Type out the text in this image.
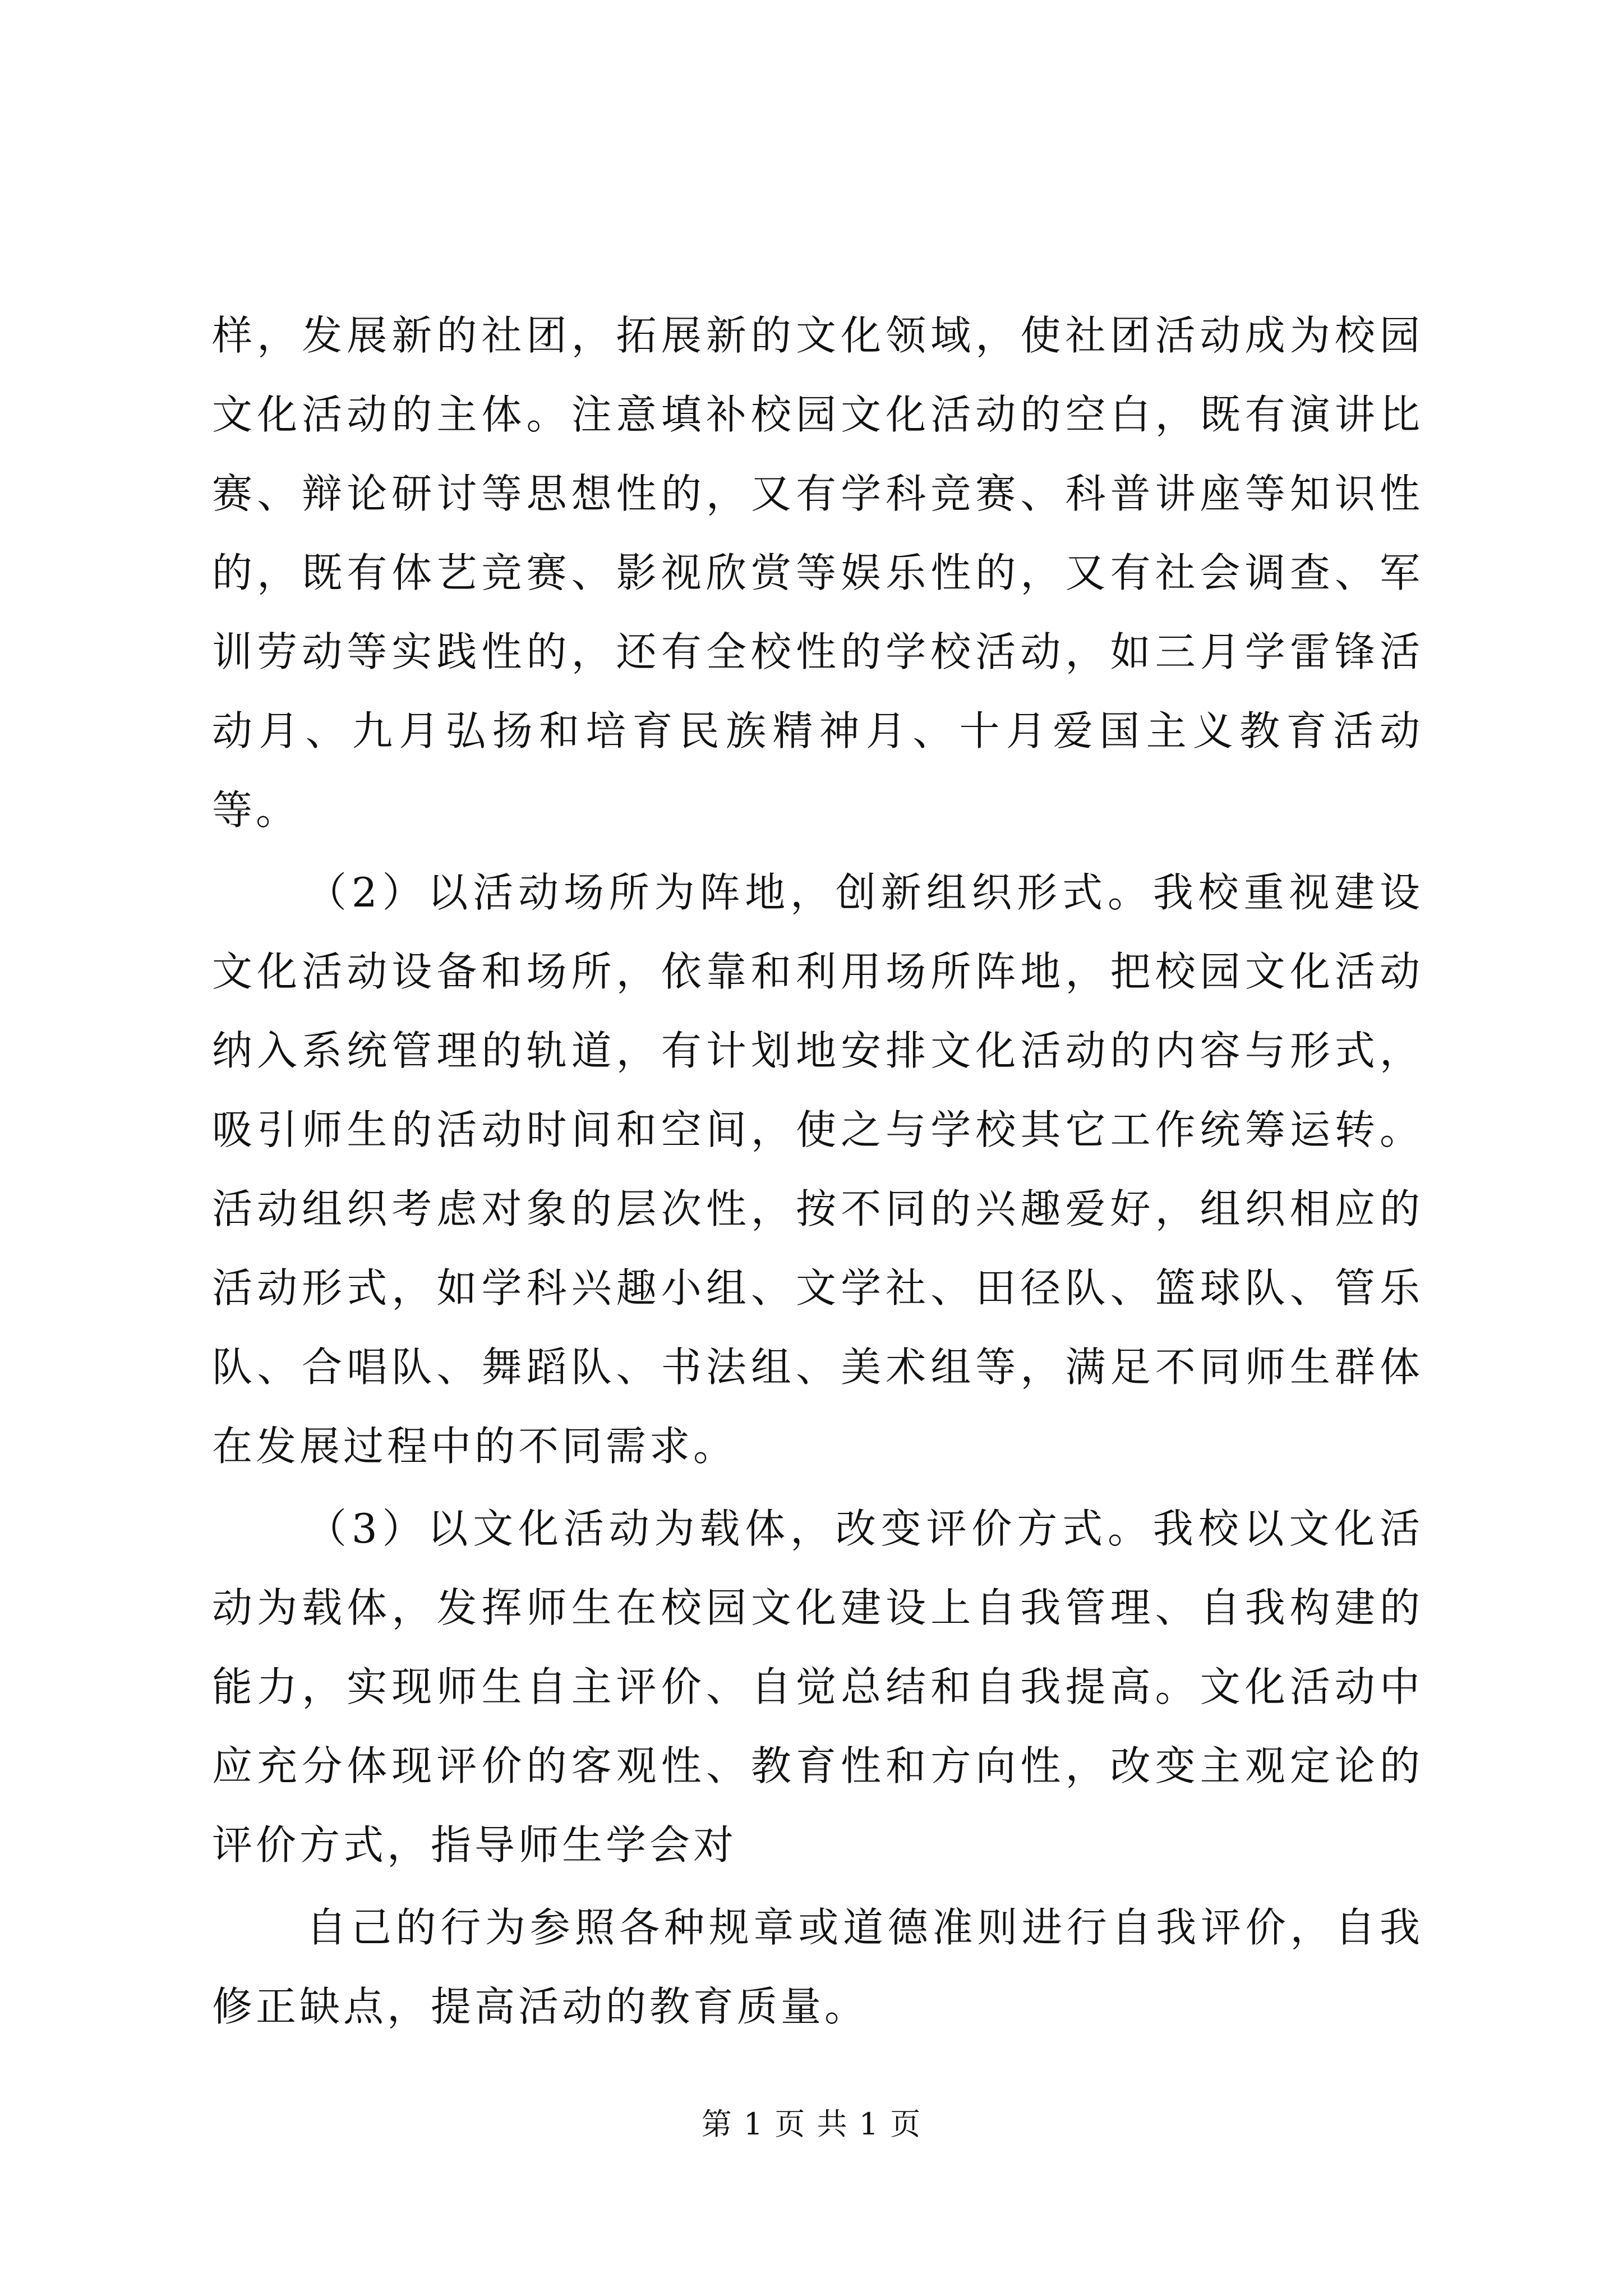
样，发展新的社团，拓展新的文化领域，使社团活动成为校园文化活动的主体。注意填补校园文化活动的空白，既有演讲比赛、辩论研讨等思想性的，又有学科竞赛、科普讲座等知识性的，既有体艺竞赛、影视欣赏等娱乐性的，又有社会调查、军训劳动等实践性的，还有全校性的学校活动，如三月学雷锋活动月、九月弘扬和培育民族精神月、十月爱国主义教育活动等。

（2）以活动场所为阵地，创新组织形式。我校重视建设文化活动设备和场所，依靠和利用场所阵地，把校园文化活动纳入系统管理的轨道，有计划地安排文化活动的内容与形式，吸引师生的活动时间和空间，使之与学校其它工作统筹运转。活动组织考虑对象的层次性，按不同的兴趣爱好，组织相应的活动形式，如学科兴趣小组、文学社、田径队、篮球队、管乐队、合唱队、舞蹈队、书法组、美术组等，满足不同师生群体在发展过程中的不同需求。

（3）以文化活动为载体，改变评价方式。我校以文化活动为载体，发挥师生在校园文化建设上自我管理、自我构建的能力，实现师生自主评价、自觉总结和自我提高。文化活动中应充分体现评价的客观性、教育性和方向性，改变主观定论的评价方式，指导师生学会对

自己的行为参照各种规章或道德准则进行自我评价，自我修正缺点，提高活动的教育质量。

第 1 页 共 1 页
